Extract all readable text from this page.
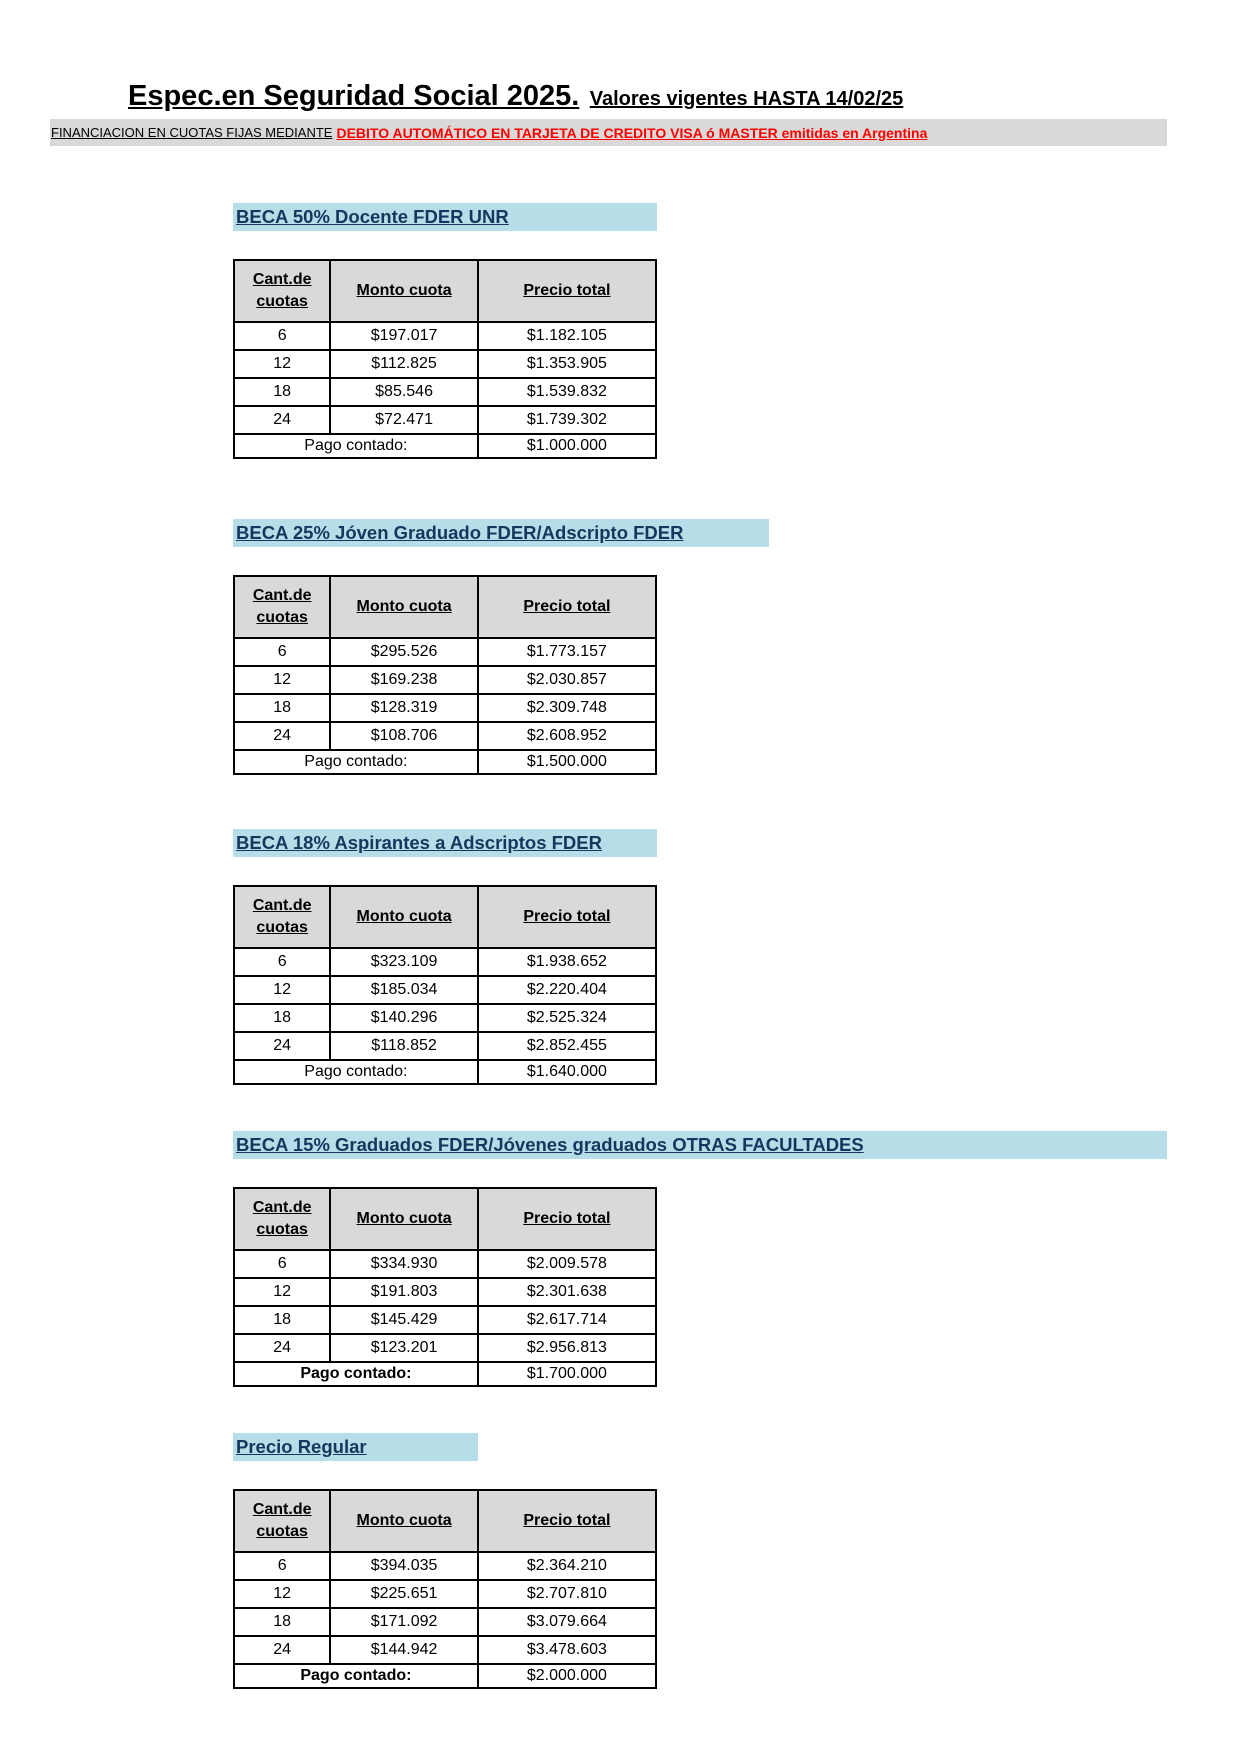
Espec.en Seguridad Social 2025. Valores vigentes HASTA 14/02/25
FINANCIACION EN CUOTAS FIJAS MEDIANTE DEBITO AUTOMÁTICO EN TARJETA DE CREDITO VISA ó MASTER emitidas en Argentina
BECA 50% Docente FDER UNR
Cant.de
cuotas	Monto cuota	Precio total
6	$197.017	$1.182.105
12	$112.825	$1.353.905
18	$85.546	$1.539.832
24	$72.471	$1.739.302
Pago contado:		$1.000.000
BECA 25% Jóven Graduado FDER/Adscripto FDER
Cant.de
cuotas	Monto cuota	Precio total
6	$295.526	$1.773.157
12	$169.238	$2.030.857
18	$128.319	$2.309.748
24	$108.706	$2.608.952
Pago contado:		$1.500.000
BECA 18% Aspirantes a Adscriptos FDER
Cant.de
cuotas	Monto cuota	Precio total
6	$323.109	$1.938.652
12	$185.034	$2.220.404
18	$140.296	$2.525.324
24	$118.852	$2.852.455
Pago contado:		$1.640.000
BECA 15% Graduados FDER/Jóvenes graduados OTRAS FACULTADES
Cant.de
cuotas	Monto cuota	Precio total
6	$334.930	$2.009.578
12	$191.803	$2.301.638
18	$145.429	$2.617.714
24	$123.201	$2.956.813
Pago contado:		$1.700.000
Precio Regular
Cant.de
cuotas	Monto cuota	Precio total
6	$394.035	$2.364.210
12	$225.651	$2.707.810
18	$171.092	$3.079.664
24	$144.942	$3.478.603
Pago contado:		$2.000.000
